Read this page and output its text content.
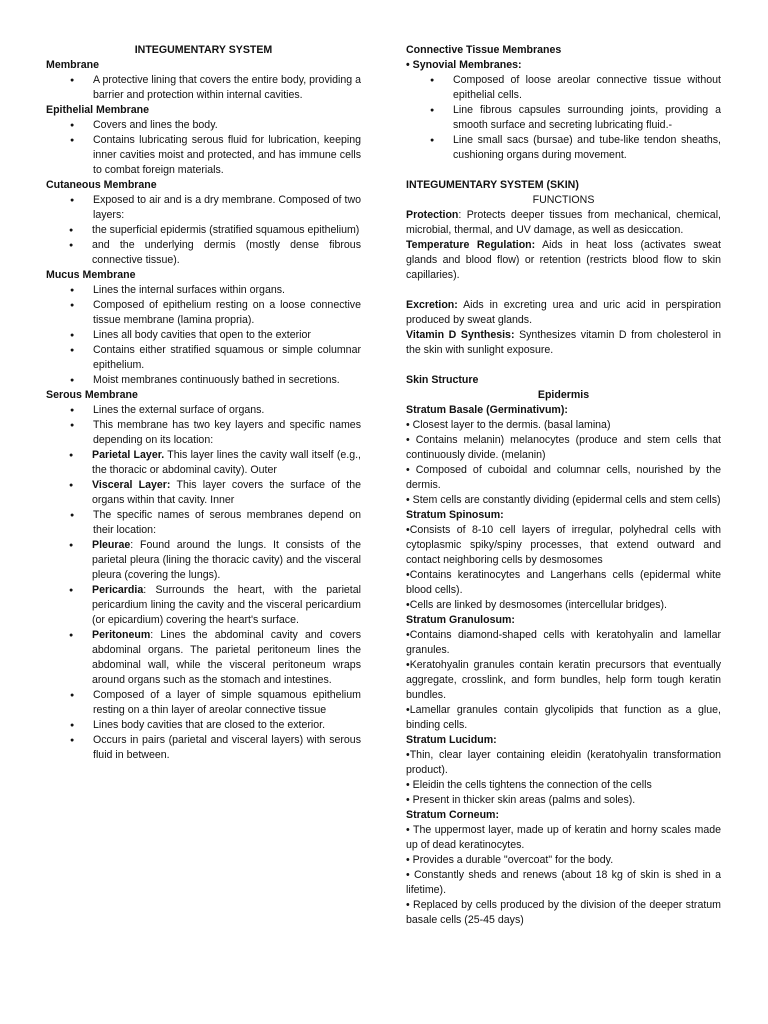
INTEGUMENTARY SYSTEM
Membrane
● A protective lining that covers the entire body, providing a barrier and protection within internal cavities.
Epithelial Membrane
● Covers and lines the body.
● Contains lubricating serous fluid for lubrication, keeping inner cavities moist and protected, and has immune cells to combat foreign materials.
Cutaneous Membrane
● Exposed to air and is a dry membrane. Composed of two layers:
● the superficial epidermis (stratified squamous epithelium)
● and the underlying dermis (mostly dense fibrous connective tissue).
Mucus Membrane
● Lines the internal surfaces within organs.
● Composed of epithelium resting on a loose connective tissue membrane (lamina propria).
● Lines all body cavities that open to the exterior
● Contains either stratified squamous or simple columnar epithelium.
● Moist membranes continuously bathed in secretions.
Serous Membrane
● Lines the external surface of organs.
● This membrane has two key layers and specific names depending on its location:
● Parietal Layer. This layer lines the cavity wall itself (e.g., the thoracic or abdominal cavity). Outer
● Visceral Layer: This layer covers the surface of the organs within that cavity. Inner
● The specific names of serous membranes depend on their location:
● Pleurae: Found around the lungs. It consists of the parietal pleura (lining the thoracic cavity) and the visceral pleura (covering the lungs).
● Pericardia: Surrounds the heart, with the parietal pericardium lining the cavity and the visceral pericardium (or epicardium) covering the heart's surface.
● Peritoneum: Lines the abdominal cavity and covers abdominal organs. The parietal peritoneum lines the abdominal wall, while the visceral peritoneum wraps around organs such as the stomach and intestines.
● Composed of a layer of simple squamous epithelium resting on a thin layer of areolar connective tissue
● Lines body cavities that are closed to the exterior.
● Occurs in pairs (parietal and visceral layers) with serous fluid in between.
Connective Tissue Membranes
• Synovial Membranes:
● Composed of loose areolar connective tissue without epithelial cells.
● Line fibrous capsules surrounding joints, providing a smooth surface and secreting lubricating fluid.-
● Line small sacs (bursae) and tube-like tendon sheaths, cushioning organs during movement.
INTEGUMENTARY SYSTEM (SKIN)
FUNCTIONS

Protection: Protects deeper tissues from mechanical, chemical, microbial, thermal, and UV damage, as well as desiccation.

Temperature Regulation: Aids in heat loss (activates sweat glands and blood flow) or retention (restricts blood flow to skin capillaries).

Excretion: Aids in excreting urea and uric acid in perspiration produced by sweat glands.

Vitamin D Synthesis: Synthesizes vitamin D from cholesterol in the skin with sunlight exposure.

Skin Structure
Epidermis
Stratum Basale (Germinativum):

• Closest layer to the dermis. (basal lamina)

• Contains melanin) melanocytes (produce and stem cells that continuously divide. (melanin)

• Composed of cuboidal and columnar cells, nourished by the dermis.

• Stem cells are constantly dividing (epidermal cells and stem cells)

Stratum Spinosum:

•Consists of 8-10 cell layers of irregular, polyhedral cells with cytoplasmic spiky/spiny processes, that extend outward and contact neighboring cells by desmosomes

•Contains keratinocytes and Langerhans cells (epidermal white blood cells).

•Cells are linked by desmosomes (intercellular bridges).

Stratum Granulosum:

•Contains diamond-shaped cells with keratohyalin and lamellar granules.

•Keratohyalin granules contain keratin precursors that eventually aggregate, crosslink, and form bundles, help form tough keratin bundles.

•Lamellar granules contain glycolipids that function as a glue, binding cells.

Stratum Lucidum:

•Thin, clear layer containing eleidin (keratohyalin transformation product).

• Eleidin the cells tightens the connection of the cells

• Present in thicker skin areas (palms and soles).

Stratum Corneum:

• The uppermost layer, made up of keratin and horny scales made up of dead keratinocytes.

• Provides a durable "overcoat" for the body.

• Constantly sheds and renews (about 18 kg of skin is shed in a lifetime).

• Replaced by cells produced by the division of the deeper stratum basale cells (25-45 days)
